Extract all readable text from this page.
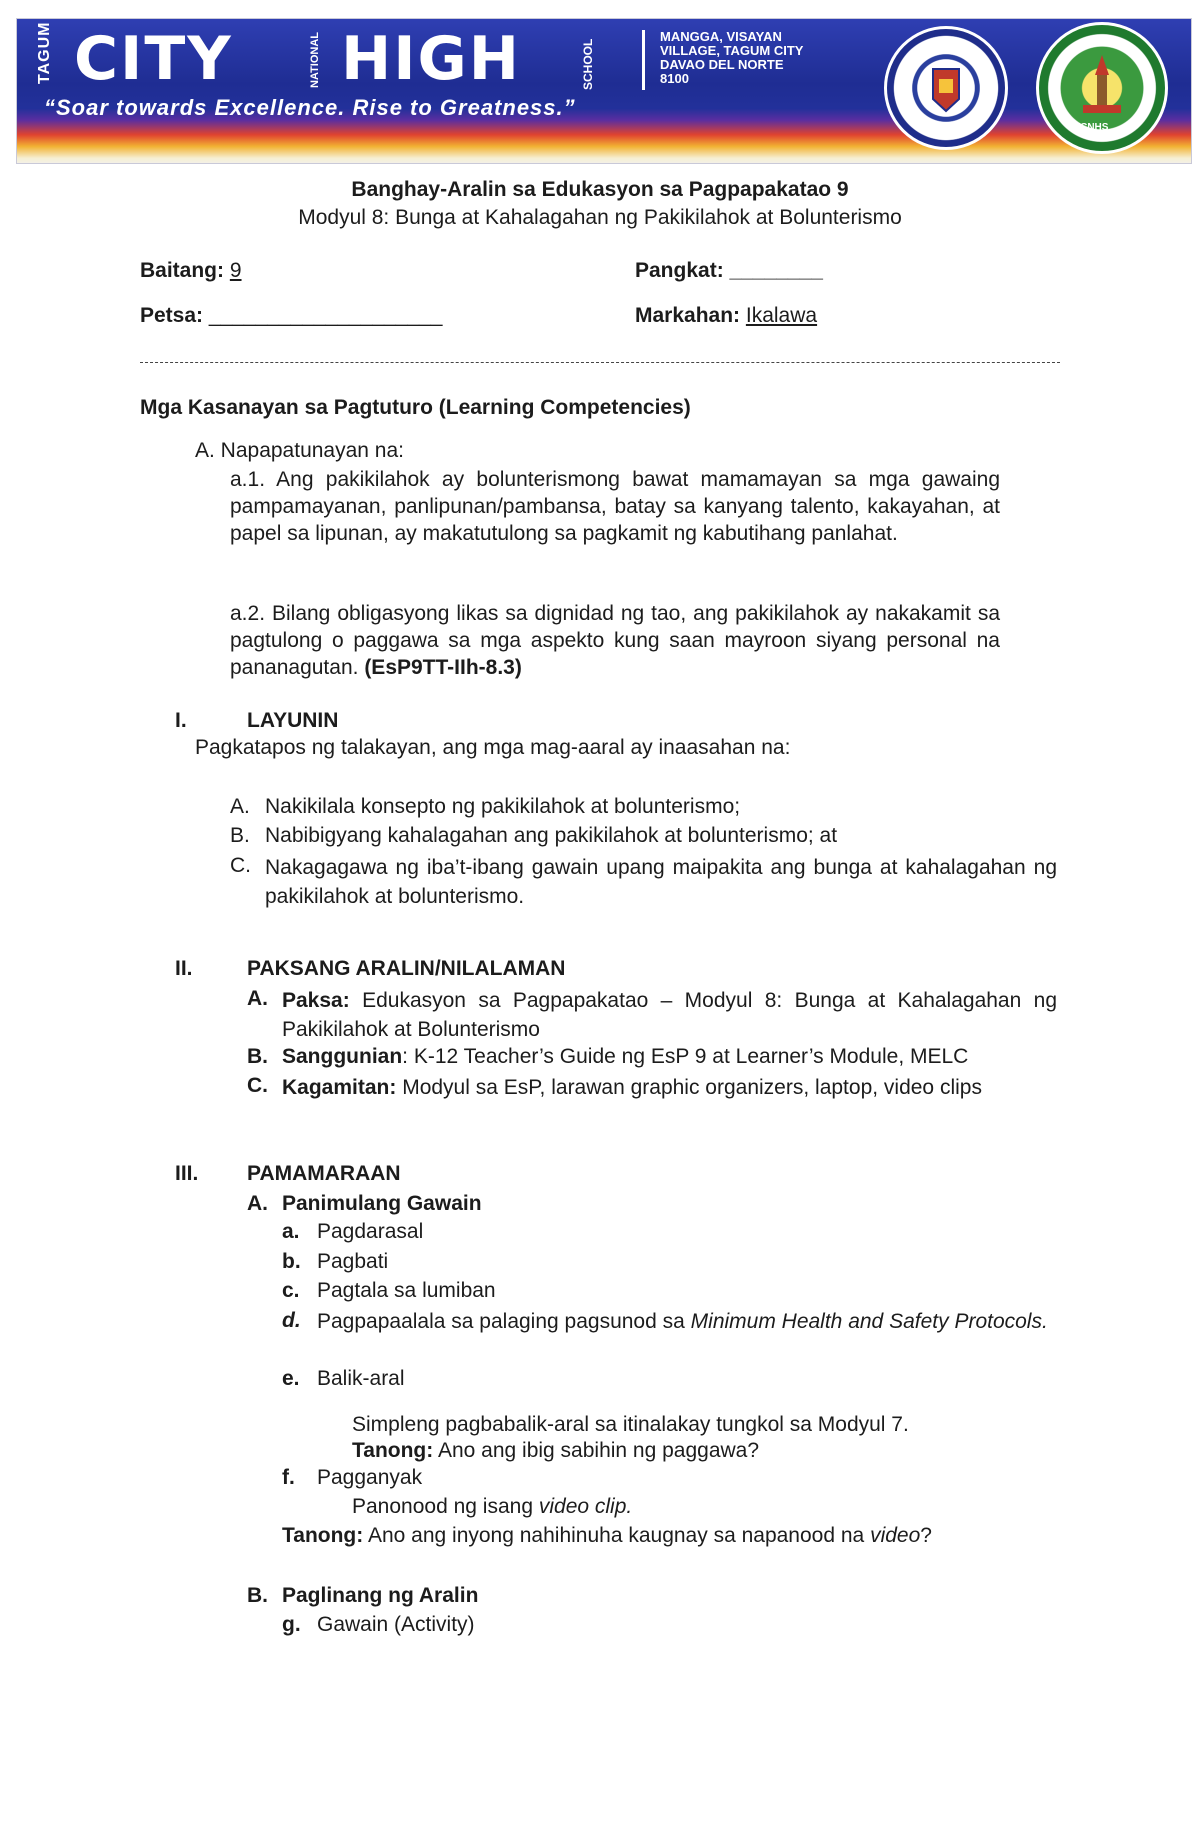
TAGUM CITY	NATIONAL HIGH	SCHOOL
MANGGA, VISAYAN
VILLAGE, TAGUM CITY
DAVAO DEL NORTE
8100
“Soar towards Excellence. Rise to Greatness.”
TCNHS
Banghay-Aralin sa Edukasyon sa Pagpapakatao 9
Modyul 8: Bunga at Kahalagahan ng Pakikilahok at Bolunterismo
Baitang: 9	Pangkat: ________
Petsa: ____________________	Markahan: Ikalawa
Mga Kasanayan sa Pagtuturo (Learning Competencies)
A. Napapatunayan na:
a.1. Ang pakikilahok ay bolunterismong bawat mamamayan sa mga gawaing pampamayanan, panlipunan/pambansa, batay sa kanyang talento, kakayahan, at papel sa lipunan, ay makatutulong sa pagkamit ng kabutihang panlahat.
a.2. Bilang obligasyong likas sa dignidad ng tao, ang pakikilahok ay nakakamit sa pagtulong o paggawa sa mga aspekto kung saan mayroon siyang personal na pananagutan. (EsP9TT-IIh-8.3)
I.	LAYUNIN
Pagkatapos ng talakayan, ang mga mag-aaral ay inaasahan na:
A. Nakikilala konsepto ng pakikilahok at bolunterismo;
B. Nabibigyang kahalagahan ang pakikilahok at bolunterismo; at
C. Nakagagawa ng iba’t-ibang gawain upang maipakita ang bunga at kahalagahan ng pakikilahok at bolunterismo.
II.	PAKSANG ARALIN/NILALAMAN
A. Paksa: Edukasyon sa Pagpapakatao – Modyul 8: Bunga at Kahalagahan ng Pakikilahok at Bolunterismo
B. Sanggunian: K-12 Teacher’s Guide ng EsP 9 at Learner’s Module, MELC
C. Kagamitan: Modyul sa EsP, larawan graphic organizers, laptop, video clips
III. PAMAMARAAN
A. Panimulang Gawain
a. Pagdarasal
b. Pagbati
c. Pagtala sa lumiban
d. Pagpapaalala sa palaging pagsunod sa Minimum Health and Safety Protocols.
e. Balik-aral
Simpleng pagbabalik-aral sa itinalakay tungkol sa Modyul 7.
Tanong: Ano ang ibig sabihin ng paggawa?
f. Pagganyak
Panonood ng isang video clip.
Tanong: Ano ang inyong nahihinuha kaugnay sa napanood na video?
B. Paglinang ng Aralin
g. Gawain (Activity)
